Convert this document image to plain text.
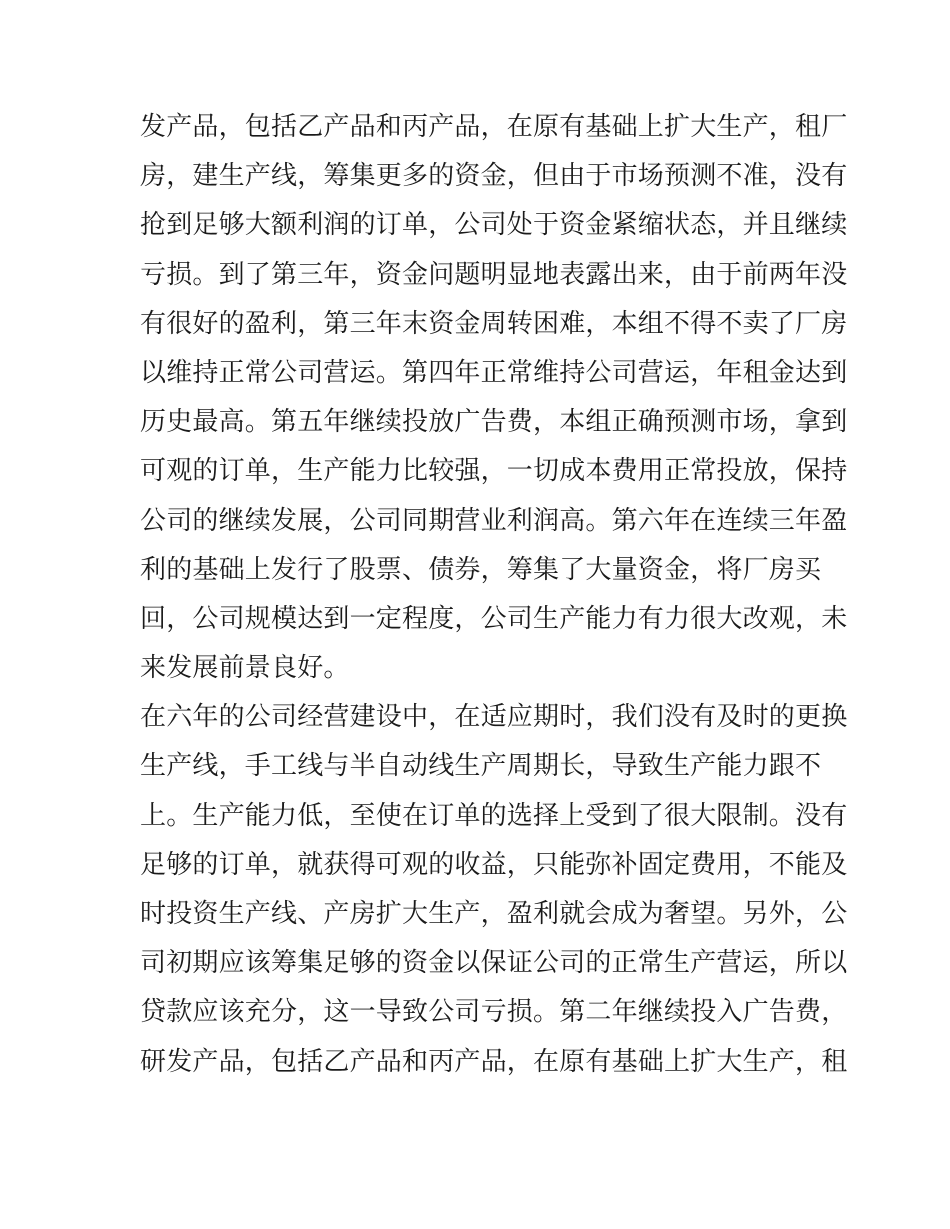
发产品，包括乙产品和丙产品，在原有基础上扩大生产，租厂
房，建生产线，筹集更多的资金，但由于市场预测不准，没有
抢到足够大额利润的订单，公司处于资金紧缩状态，并且继续
亏损。到了第三年，资金问题明显地表露出来，由于前两年没
有很好的盈利，第三年末资金周转困难，本组不得不卖了厂房
以维持正常公司营运。第四年正常维持公司营运，年租金达到
历史最高。第五年继续投放广告费，本组正确预测市场，拿到
可观的订单，生产能力比较强，一切成本费用正常投放，保持
公司的继续发展，公司同期营业利润高。第六年在连续三年盈
利的基础上发行了股票、债券，筹集了大量资金，将厂房买
回，公司规模达到一定程度，公司生产能力有力很大改观，未
来发展前景良好。
在六年的公司经营建设中，在适应期时，我们没有及时的更换
生产线，手工线与半自动线生产周期长，导致生产能力跟不
上。生产能力低，至使在订单的选择上受到了很大限制。没有
足够的订单，就获得可观的收益，只能弥补固定费用，不能及
时投资生产线、产房扩大生产，盈利就会成为奢望。另外，公
司初期应该筹集足够的资金以保证公司的正常生产营运，所以
贷款应该充分，这一导致公司亏损。第二年继续投入广告费，
研发产品，包括乙产品和丙产品，在原有基础上扩大生产，租
